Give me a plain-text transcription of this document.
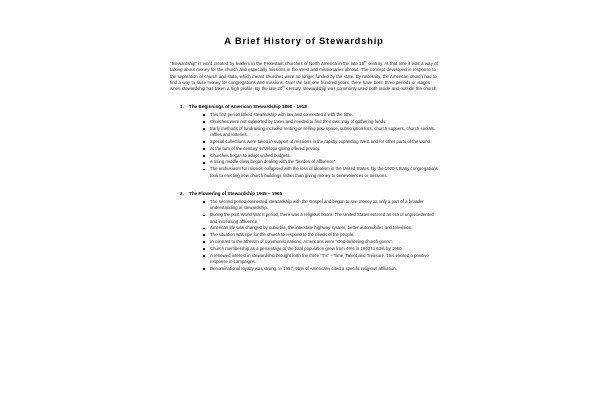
A Brief History of Stewardship

“Stewardship” is word created by leaders in the Protestant churches of North America in the late 19th century. At that time it was a way of talking about money for the church and especially missions in the West and missionaries abroad. The concept developed in response to the separation of church and state, which meant churches were no longer funded by the state. By necessity, the American church had to find a way to raise money for congregations and missions. Over the last one hundred years, there have been three periods or stages when stewardship has taken a high profile. By the late 20th century, stewardship was commonly used both inside and outside the church.

1.	The Beginnings of American Stewardship 1890 - 1918
This first period linked stewardship with law and connected it with the tithe.
Churches were not supported by taxes and needed to find their own way of gathering funds.
Early methods of fundraising included renting or selling pew space, subscription lists, church suppers, church socials, raffles and lotteries.
Special collections were taken in support of missions in the rapidly expanding West and for other parts of the world.
At the turn of the century, envelope giving offered privacy.
Churches began to adopt unified budgets.
A rising middle class began dealing with the “burden of affluence”.
The enthusiasm for mission collapsed with the loss of idealism in the United States. By the 1920’s many congregations took to erecting new church buildings rather than giving money to benevolences or missions.
2.	The Flowering of Stewardship 1945 – 1965
The second period connected stewardship with the Gospel and began to see money as only a part of a broader understanding of stewardship.
During the post World War II period, there was a religious boom. The United States entered an era of unprecedented and increasing affluence.
American life was changed by suburbia, the interstate highway system, better automobiles and television.
The situation was ripe for the church to respond to the needs of the people.
In contrast to the atheism of communist nations, Americans were “God-believing church goers”.
Church membership as a percentage of the total population grew from 49% in 1940 to 63% by 1960.
A renewed interest in stewardship brought forth the three “T’s” – Time, Talent and Treasure. This elicited a positive response in campaigns.
Denominational loyalty was strong. In 1957, 96% of Americans cited a specific religious affiliation.
